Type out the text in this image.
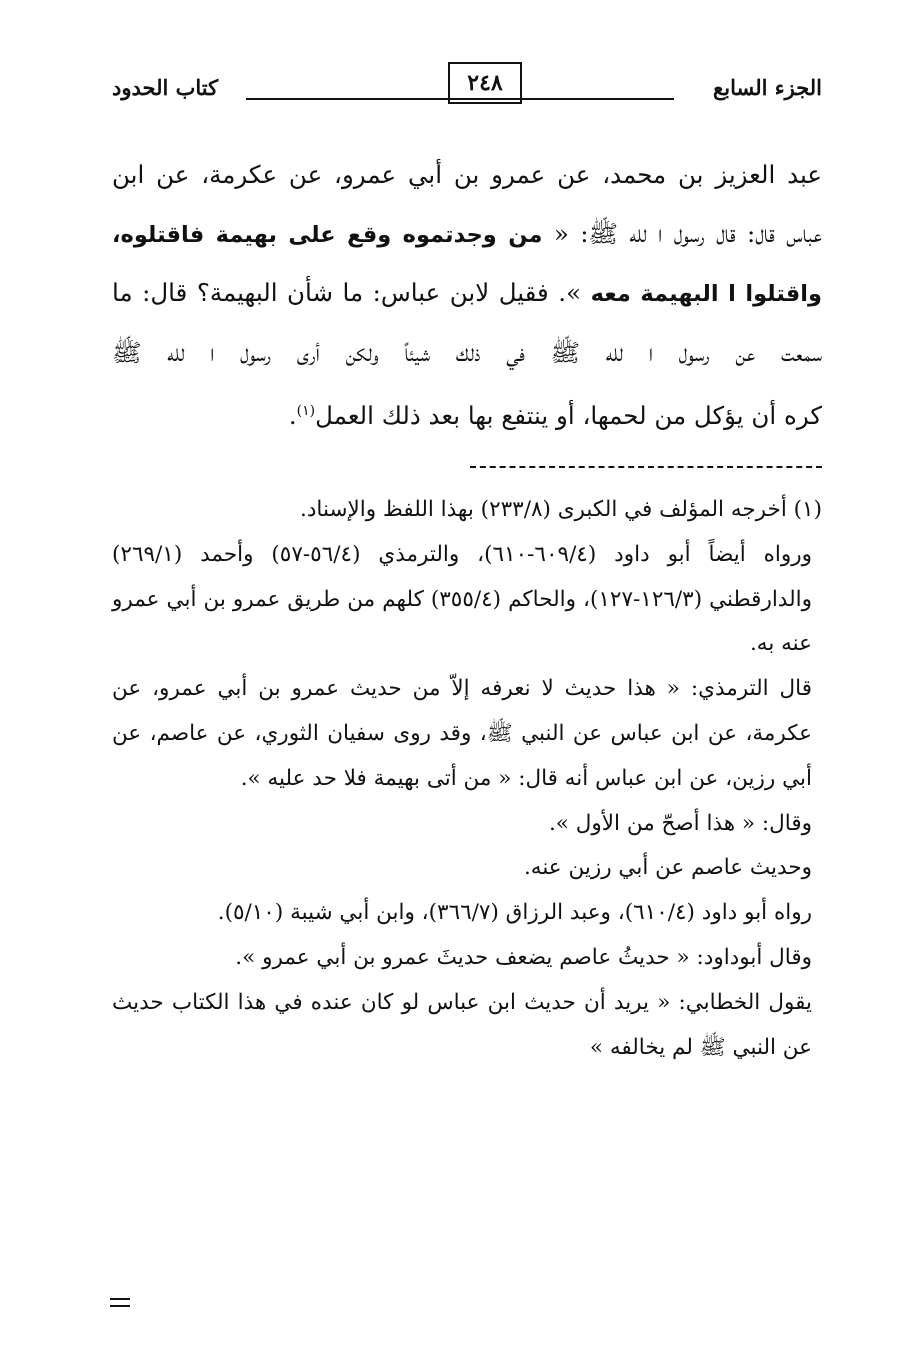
الجزء السابع
٢٤٨
كتاب الحدود
عبد العزيز بن محمد، عن عمرو بن أبي عمرو، عن عكرمة، عن ابن
عباس قال: قال رسول ا لله ﷺ: « من وجدتموه وقع على بهيمة فاقتلوه،
واقتلوا ا البهيمة معه ». فقيل لابن عباس: ما شأن البهيمة؟ قال: ما
سمعت عن رسول ا لله ﷺ في ذلك شيئاً ولكن أرى رسول ا لله ﷺ
كره أن يؤكل من لحمها، أو ينتفع بها بعد ذلك العمل$^{(١)}$.

(١) أخرجه المؤلف في الكبرى (٢٣٣/٨) بهذا اللفظ والإسناد.

ورواه أيضاً أبو داود (٦٠٩/٤-٦١٠)، والترمذي (٥٦/٤-٥٧) وأحمد (٢٦٩/١) والدارقطني (١٢٦/٣-١٢٧)، والحاكم (٣٥٥/٤) كلهم من طريق عمرو بن أبي عمرو عنه به.

قال الترمذي: « هذا حديث لا نعرفه إلاّ من حديث عمرو بن أبي عمرو، عن عكرمة، عن ابن عباس عن النبي ﷺ، وقد روى سفيان الثوري، عن عاصم، عن أبي رزين، عن ابن عباس أنه قال: « من أتى بهيمة فلا حد عليه ».

وقال: « هذا أصحّ من الأول ».

وحديث عاصم عن أبي رزين عنه.

رواه أبو داود (٦١٠/٤)، وعبد الرزاق (٣٦٦/٧)، وابن أبي شيبة (٥/١٠).

وقال أبوداود: « حديثُ عاصم يضعف حديثَ عمرو بن أبي عمرو ».

يقول الخطابي: « يريد أن حديث ابن عباس لو كان عنده في هذا الكتاب حديث عن النبي ﷺ لم يخالفه »
